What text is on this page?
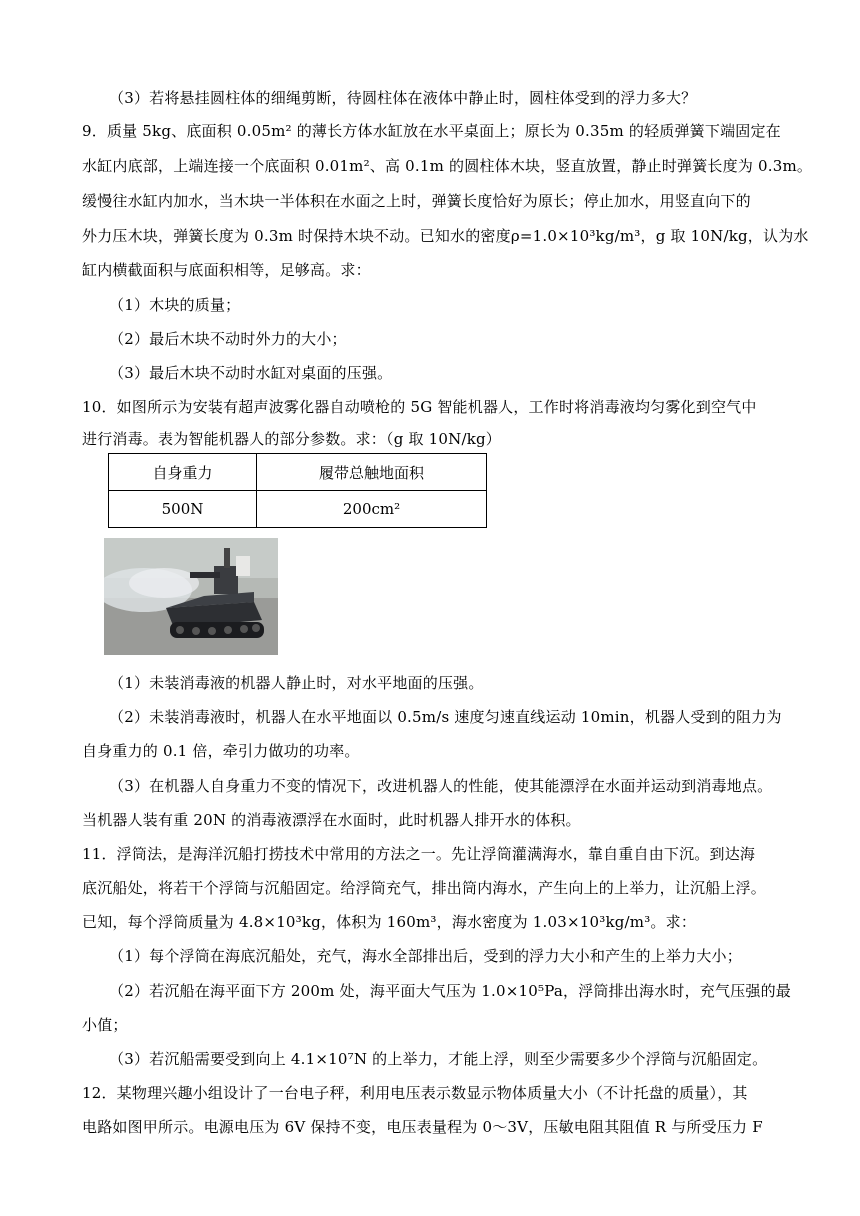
（3）若将悬挂圆柱体的细绳剪断，待圆柱体在液体中静止时，圆柱体受到的浮力多大？
9．质量 5kg、底面积 0.05m² 的薄长方体水缸放在水平桌面上；原长为 0.35m 的轻质弹簧下端固定在
水缸内底部，上端连接一个底面积 0.01m²、高 0.1m 的圆柱体木块，竖直放置，静止时弹簧长度为 0.3m。
缓慢往水缸内加水，当木块一半体积在水面之上时，弹簧长度恰好为原长；停止加水，用竖直向下的
外力压木块，弹簧长度为 0.3m 时保持木块不动。已知水的密度ρ=1.0×10³kg/m³，g 取 10N/kg，认为水
缸内横截面积与底面积相等，足够高。求：
（1）木块的质量；
（2）最后木块不动时外力的大小；
（3）最后木块不动时水缸对桌面的压强。
10．如图所示为安装有超声波雾化器自动喷枪的 5G 智能机器人，工作时将消毒液均匀雾化到空气中
进行消毒。表为智能机器人的部分参数。求：（g 取 10N/kg）
自身重力	履带总触地面积
500N	200cm²
（1）未装消毒液的机器人静止时，对水平地面的压强。
（2）未装消毒液时，机器人在水平地面以 0.5m/s 速度匀速直线运动 10min，机器人受到的阻力为
自身重力的 0.1 倍，牵引力做功的功率。
（3）在机器人自身重力不变的情况下，改进机器人的性能，使其能漂浮在水面并运动到消毒地点。
当机器人装有重 20N 的消毒液漂浮在水面时，此时机器人排开水的体积。
11．浮筒法，是海洋沉船打捞技术中常用的方法之一。先让浮筒灌满海水，靠自重自由下沉。到达海
底沉船处，将若干个浮筒与沉船固定。给浮筒充气，排出筒内海水，产生向上的上举力，让沉船上浮。
已知，每个浮筒质量为 4.8×10³kg，体积为 160m³，海水密度为 1.03×10³kg/m³。求：
（1）每个浮筒在海底沉船处，充气，海水全部排出后，受到的浮力大小和产生的上举力大小；
（2）若沉船在海平面下方 200m 处，海平面大气压为 1.0×10⁵Pa，浮筒排出海水时，充气压强的最
小值；
（3）若沉船需要受到向上 4.1×10⁷N 的上举力，才能上浮，则至少需要多少个浮筒与沉船固定。
12．某物理兴趣小组设计了一台电子秤，利用电压表示数显示物体质量大小（不计托盘的质量），其
电路如图甲所示。电源电压为 6V 保持不变，电压表量程为 0～3V，压敏电阻其阻值 R 与所受压力 F
